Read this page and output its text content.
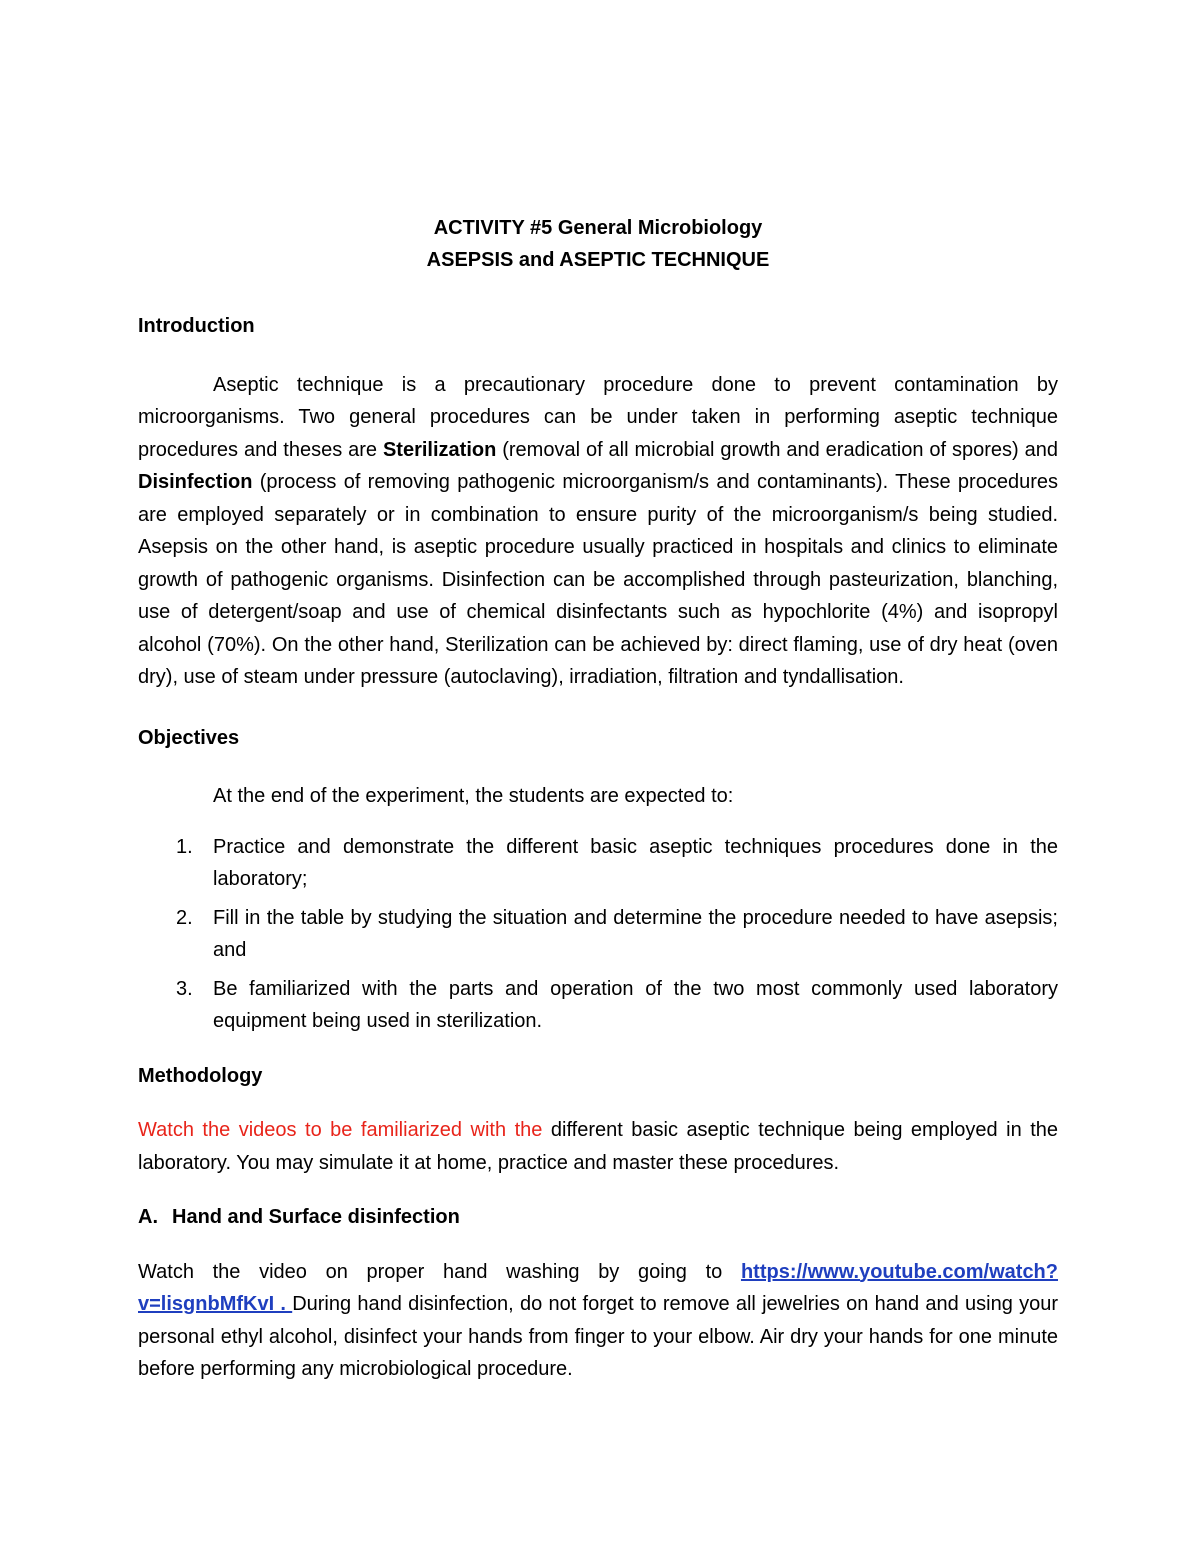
ACTIVITY #5 General Microbiology
ASEPSIS and ASEPTIC TECHNIQUE

Introduction

Aseptic technique is a precautionary procedure done to prevent contamination by microorganisms. Two general procedures can be under taken in performing aseptic technique procedures and theses are Sterilization (removal of all microbial growth and eradication of spores) and Disinfection (process of removing pathogenic microorganism/s and contaminants). These procedures are employed separately or in combination to ensure purity of the microorganism/s being studied. Asepsis on the other hand, is aseptic procedure usually practiced in hospitals and clinics to eliminate growth of pathogenic organisms. Disinfection can be accomplished through pasteurization, blanching, use of detergent/soap and use of chemical disinfectants such as hypochlorite (4%) and isopropyl alcohol (70%). On the other hand, Sterilization can be achieved by: direct flaming, use of dry heat (oven dry), use of steam under pressure (autoclaving), irradiation, filtration and tyndallisation.

Objectives

At the end of the experiment, the students are expected to:

1. Practice and demonstrate the different basic aseptic techniques procedures done in the laboratory;
2. Fill in the table by studying the situation and determine the procedure needed to have asepsis; and
3. Be familiarized with the parts and operation of the two most commonly used laboratory equipment being used in sterilization.

Methodology

Watch the videos to be familiarized with the different basic aseptic technique being employed in the laboratory. You may simulate it at home, practice and master these procedures.

A. Hand and Surface disinfection

Watch the video on proper hand washing by going to https://www.youtube.com/watch?v=lisgnbMfKvI . During hand disinfection, do not forget to remove all jewelries on hand and using your personal ethyl alcohol, disinfect your hands from finger to your elbow. Air dry your hands for one minute before performing any microbiological procedure.
